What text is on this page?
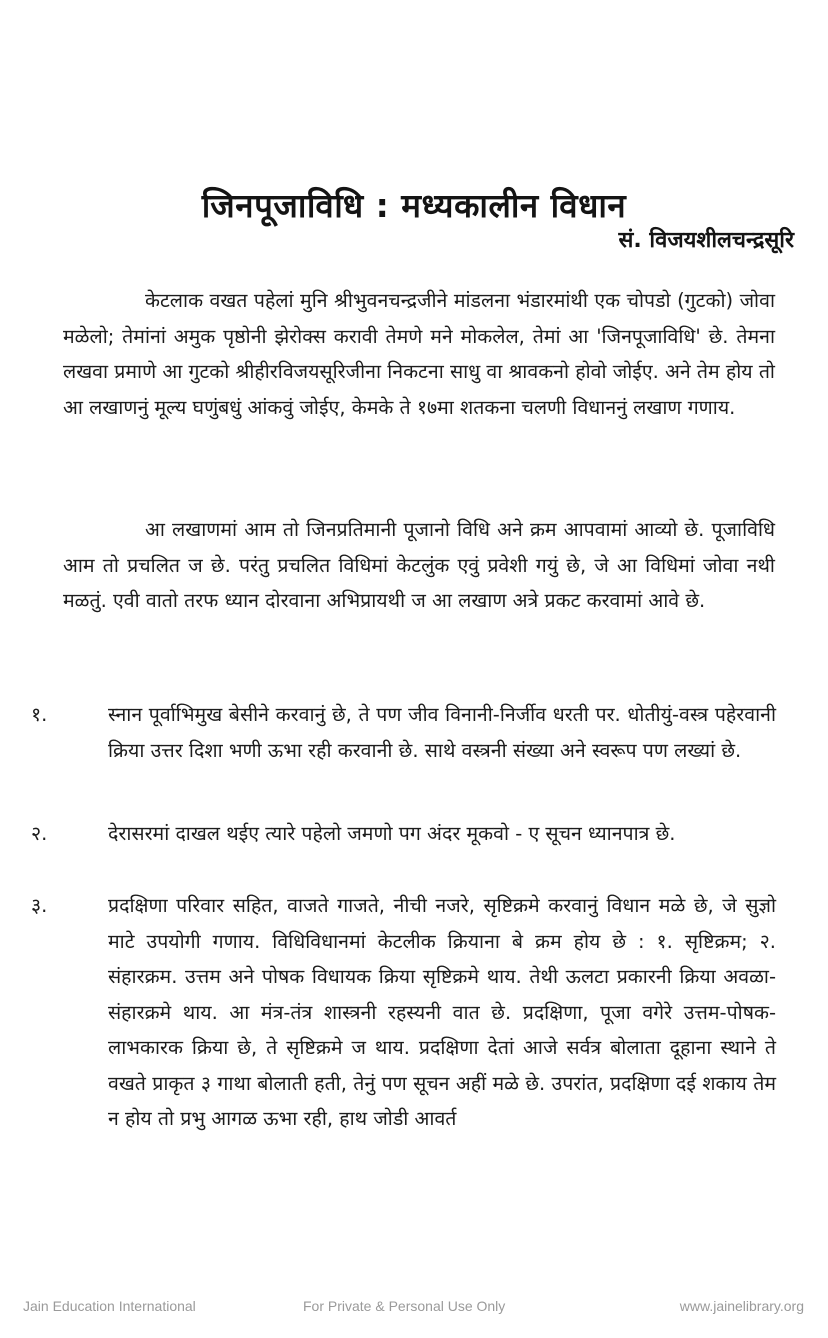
जिनपूजाविधि : मध्यकालीन विधान
सं. विजयशीलचन्द्रसूरि

केटलाक वखत पहेलां मुनि श्रीभुवनचन्द्रजीने मांडलना भंडारमांथी एक चोपडो (गुटको) जोवा मळेलो; तेमांनां अमुक पृष्ठोनी झेरोक्स करावी तेमणे मने मोकलेल, तेमां आ 'जिनपूजाविधि' छे. तेमना लखवा प्रमाणे आ गुटको श्रीहीरविजयसूरिजीना निकटना साधु वा श्रावकनो होवो जोईए. अने तेम होय तो आ लखाणनुं मूल्य घणुंबधुं आंकवुं जोईए, केमके ते १७मा शतकना चलणी विधाननुं लखाण गणाय.

आ लखाणमां आम तो जिनप्रतिमानी पूजानो विधि अने क्रम आपवामां आव्यो छे. पूजाविधि आम तो प्रचलित ज छे. परंतु प्रचलित विधिमां केटलुंक एवुं प्रवेशी गयुं छे, जे आ विधिमां जोवा नथी मळतुं. एवी वातो तरफ ध्यान दोरवाना अभिप्रायथी ज आ लखाण अत्रे प्रकट करवामां आवे छे.

१.	स्नान पूर्वाभिमुख बेसीने करवानुं छे, ते पण जीव विनानी-निर्जीव धरती पर. धोतीयुं-वस्त्र पहेरवानी क्रिया उत्तर दिशा भणी ऊभा रही करवानी छे. साथे वस्त्रनी संख्या अने स्वरूप पण लख्यां छे.
२.	देरासरमां दाखल थईए त्यारे पहेलो जमणो पग अंदर मूकवो - ए सूचन ध्यानपात्र छे.
३.	प्रदक्षिणा परिवार सहित, वाजते गाजते, नीची नजरे, सृष्टिक्रमे करवानुं विधान मळे छे, जे सुज्ञो माटे उपयोगी गणाय. विधिविधानमां केटलीक क्रियाना बे क्रम होय छे : १. सृष्टिक्रम; २. संहारक्रम. उत्तम अने पोषक विधायक क्रिया सृष्टिक्रमे थाय. तेथी ऊलटा प्रकारनी क्रिया अवळा-संहारक्रमे थाय. आ मंत्र-तंत्र शास्त्रनी रहस्यनी वात छे. प्रदक्षिणा, पूजा वगेरे उत्तम-पोषक-लाभकारक क्रिया छे, ते सृष्टिक्रमे ज थाय. प्रदक्षिणा देतां आजे सर्वत्र बोलाता दूहाना स्थाने ते वखते प्राकृत ३ गाथा बोलाती हती, तेनुं पण सूचन अहीं मळे छे. उपरांत, प्रदक्षिणा दई शकाय तेम न होय तो प्रभु आगळ ऊभा रही, हाथ जोडी आवर्त
Jain Education International	For Private & Personal Use Only	www.jainelibrary.org
